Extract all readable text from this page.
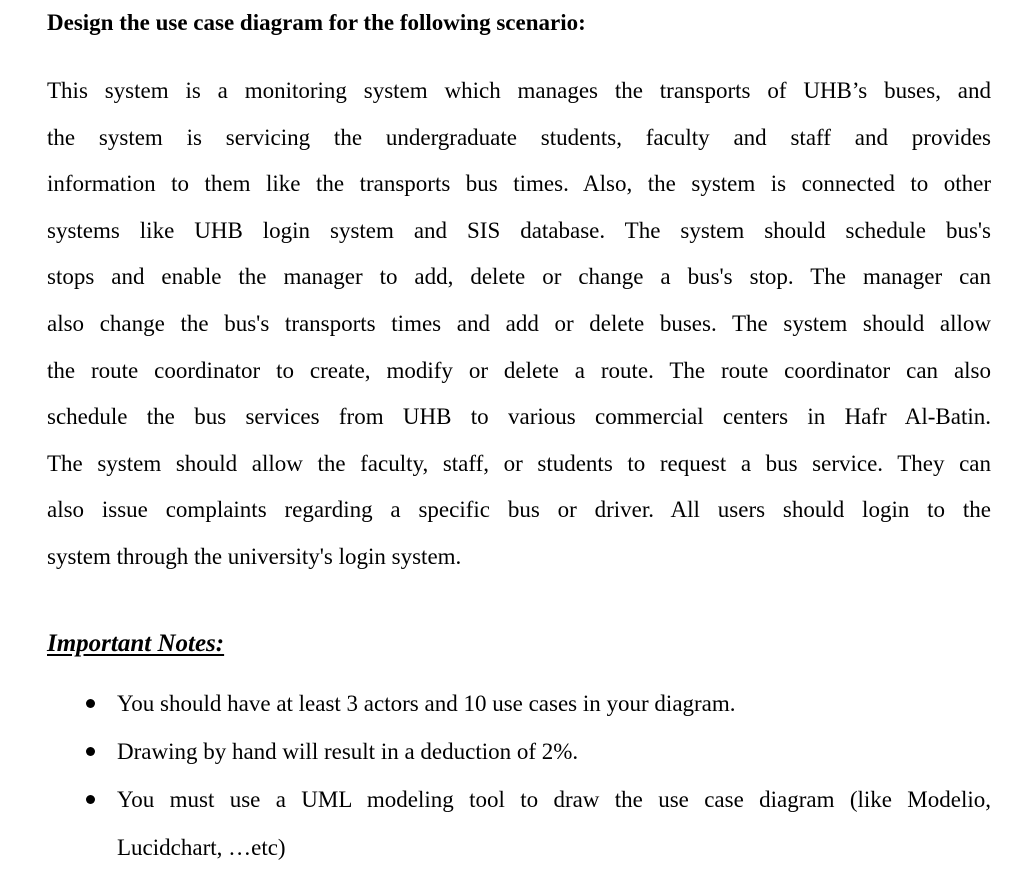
Design the use case diagram for the following scenario:
This system is a monitoring system which manages the transports of UHB’s buses, and
the system is servicing the undergraduate students, faculty and staff and provides
information to them like the transports bus times. Also, the system is connected to other
systems like UHB login system and SIS database. The system should schedule bus's
stops and enable the manager to add, delete or change a bus's stop. The manager can
also change the bus's transports times and add or delete buses. The system should allow
the route coordinator to create, modify or delete a route. The route coordinator can also
schedule the bus services from UHB to various commercial centers in Hafr Al-Batin.
The system should allow the faculty, staff, or students to request a bus service. They can
also issue complaints regarding a specific bus or driver. All users should login to the
system through the university's login system.
Important Notes:
You should have at least 3 actors and 10 use cases in your diagram.
Drawing by hand will result in a deduction of 2%.
You must use a UML modeling tool to draw the use case diagram (like Modelio,
Lucidchart, …etc)
